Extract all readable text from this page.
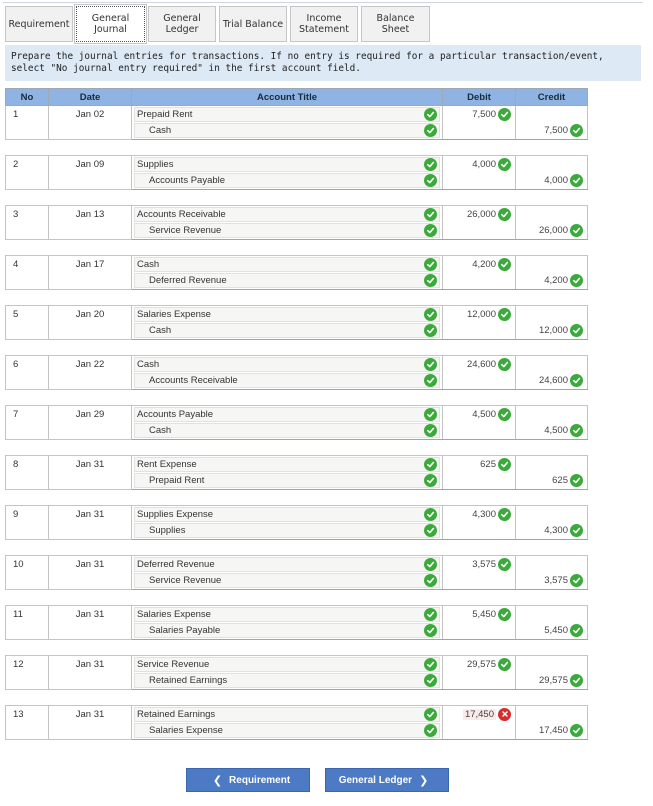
Requirement General
Journal
General
Ledger	Trial Balance	Income
Statement
Balance Sheet
Prepare the journal entries for transactions. If no entry is required for a particular transaction/event, select "No journal entry required" in the first account field.
No	Date	Account Title	Debit	Credit
1	Jan 02	Prepaid Rent	7,500	

		Cash		7,500

2	Jan 09	Supplies	4,000	

		Accounts Payable		4,000

3	Jan 13	Accounts Receivable	26,000	

		Service Revenue		26,000

4	Jan 17	Cash	4,200	

		Deferred Revenue		4,200

5	Jan 20	Salaries Expense	12,000	

		Cash		12,000

6	Jan 22	Cash	24,600	

		Accounts Receivable		24,600

7	Jan 29	Accounts Payable	4,500	

		Cash		4,500

8	Jan 31	Rent Expense	625	

		Prepaid Rent		625

9	Jan 31	Supplies Expense	4,300	

		Supplies		4,300

10	Jan 31	Deferred Revenue	3,575	

		Service Revenue		3,575

11	Jan 31	Salaries Expense	5,450	

		Salaries Payable		5,450

12	Jan 31	Service Revenue	29,575	

		Retained Earnings		29,575

13	Jan 31	Retained Earnings	17,450	

		Salaries Expense		17,450
❮ Requirement	General Ledger ❯
